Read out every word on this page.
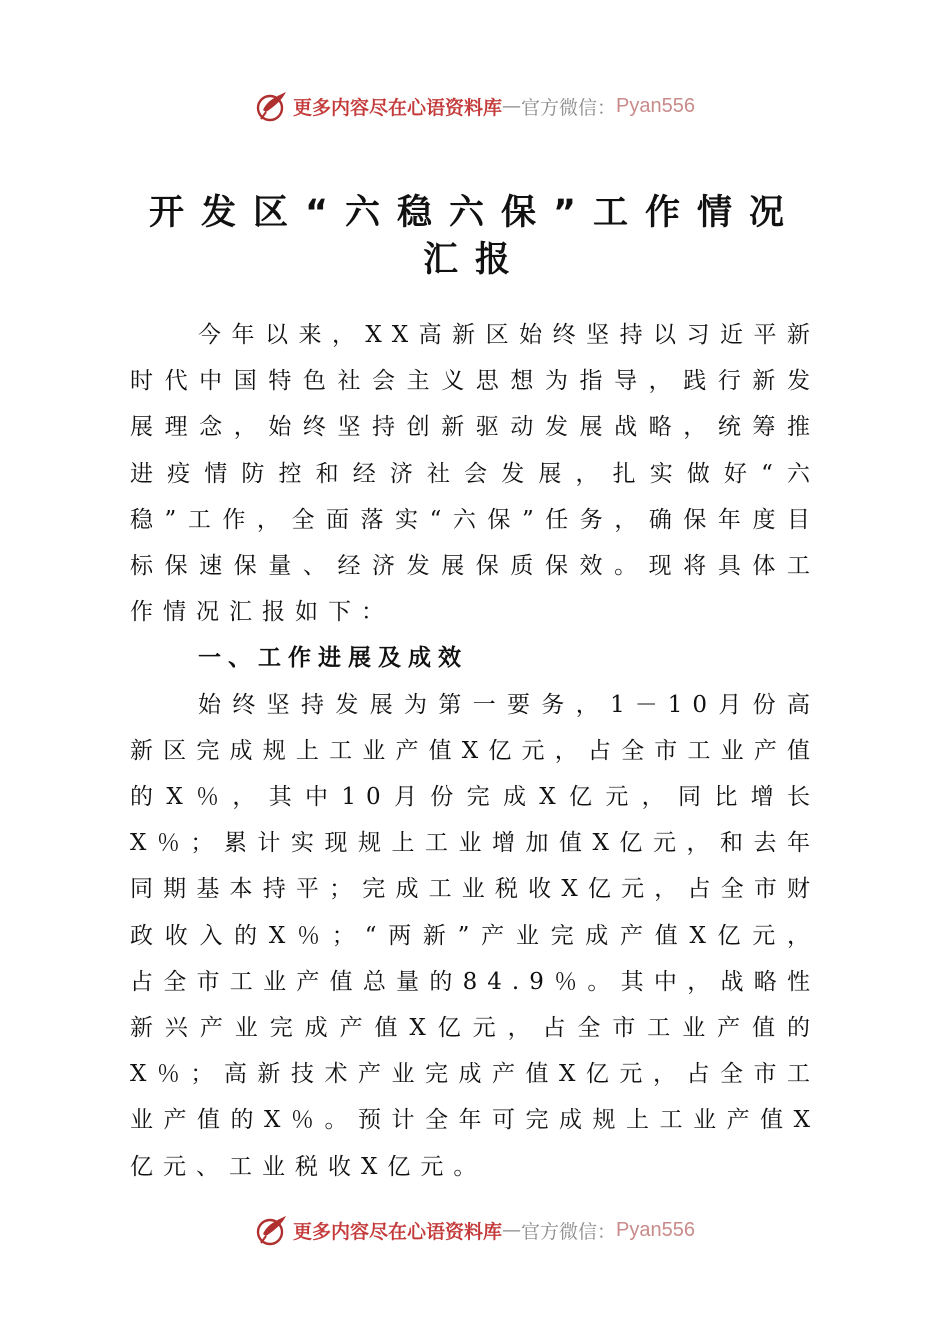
更多内容尽在心语资料库 — 官方微信： Pyan556
开发区“六稳六保”工作情况汇报

今年以来，XX高新区始终坚持以习近平新时代中国特色社会主义思想为指导，践行新发展理念，始终坚持创新驱动发展战略，统筹推进疫情防控和经济社会发展，扎实做好“六稳”工作，全面落实“六保”任务，确保年度目标保速保量、经济发展保质保效。现将具体工作情况汇报如下：

一、工作进展及成效

始终坚持发展为第一要务，1－10月份高新区完成规上工业产值X亿元，占全市工业产值的X％，其中10月份完成X亿元，同比增长X％；累计实现规上工业增加值X亿元，和去年同期基本持平；完成工业税收X亿元，占全市财政收入的X％；“两新”产业完成产值X亿元，占全市工业产值总量的84.9％。其中，战略性新兴产业完成产值X亿元，占全市工业产值的X％；高新技术产业完成产值X亿元，占全市工业产值的X％。预计全年可完成规上工业产值X亿元、工业税收X亿元。

更多内容尽在心语资料库 — 官方微信： Pyan556
